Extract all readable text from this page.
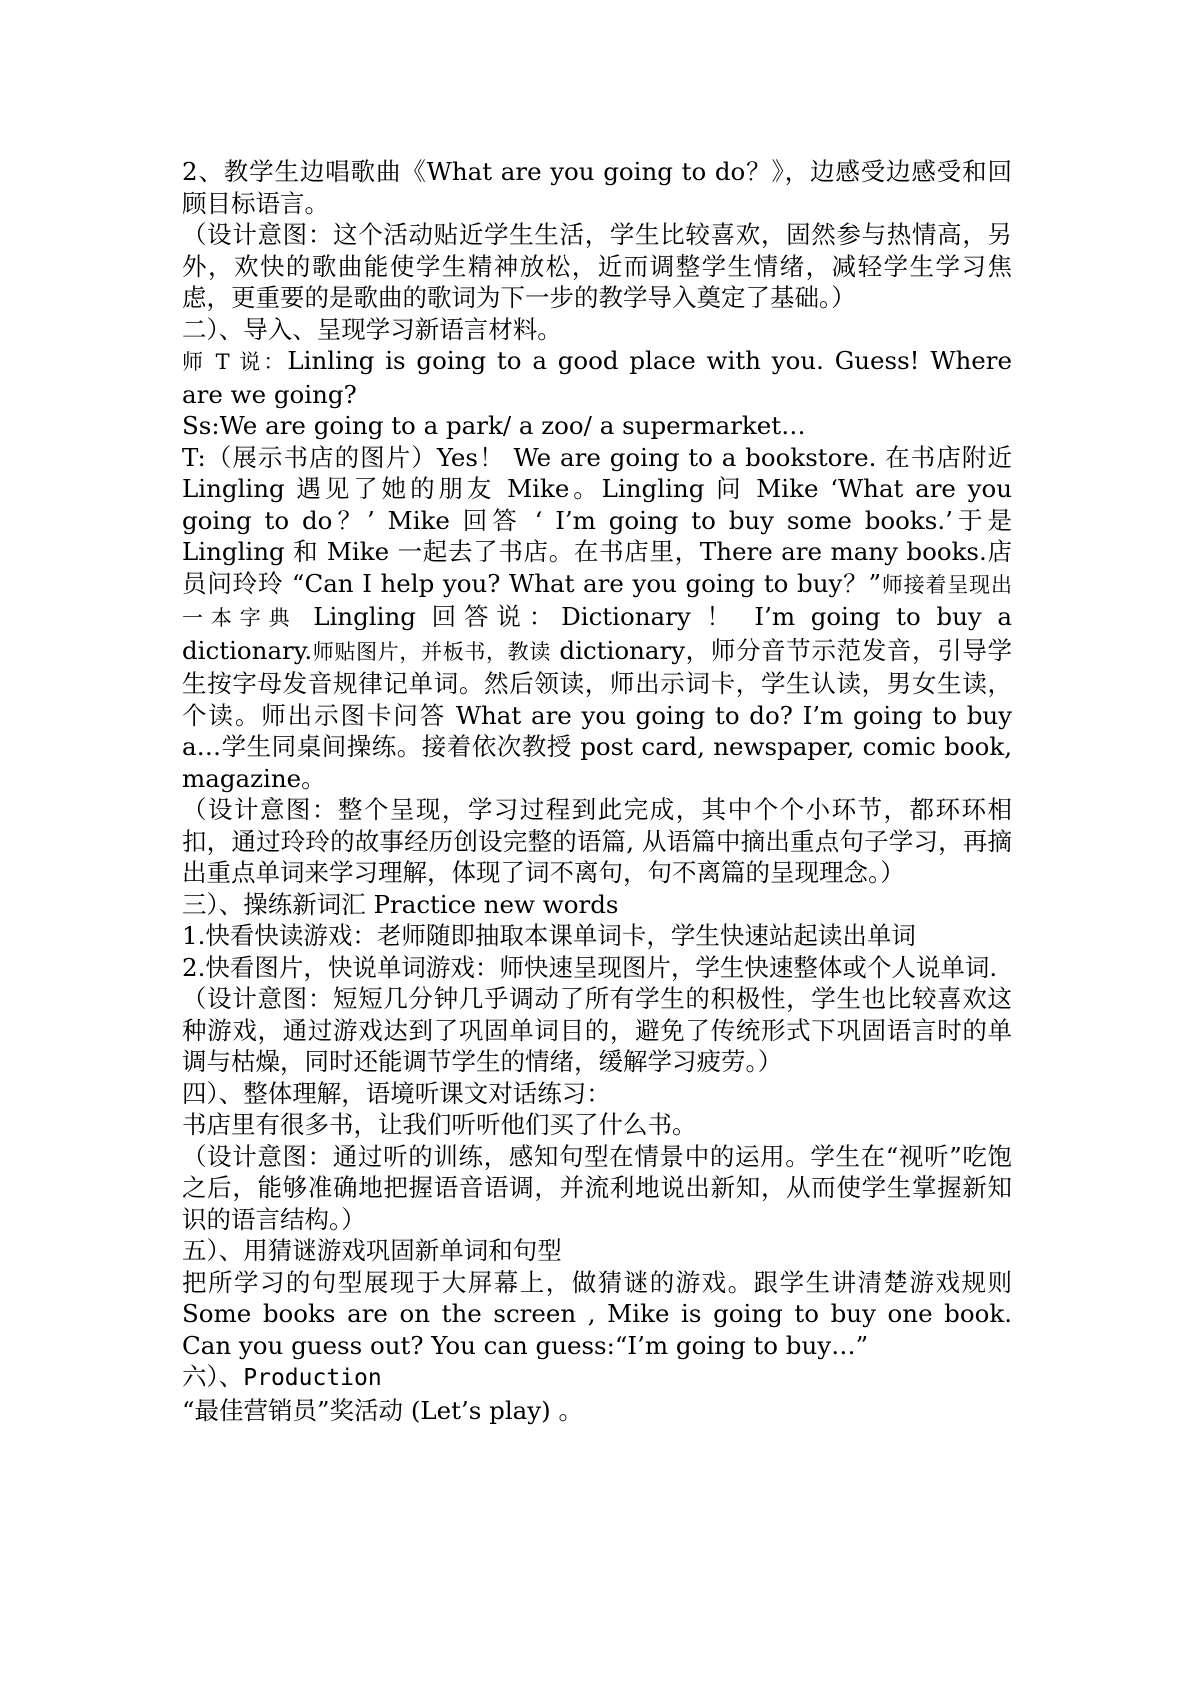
2、教学生边唱歌曲《What are you going to do？》，边感受边感受和回顾目标语言。

（设计意图：这个活动贴近学生生活，学生比较喜欢，固然参与热情高，另外，欢快的歌曲能使学生精神放松，近而调整学生情绪，减轻学生学习焦虑，更重要的是歌曲的歌词为下一步的教学导入奠定了基础。）

二）、导入、呈现学习新语言材料。

师 T 说：Linling is going to a good place with you. Guess! Where are we going?

Ss:We are going to a park/ a zoo/ a supermarket…

T:（展示书店的图片）Yes！ We are going to a bookstore. 在书店附近 Lingling 遇见了她的朋友 Mike。Lingling 问 Mike ‘What are you going to do？’ Mike 回答 ‘ I’m going to buy some books.’于是 Lingling 和 Mike 一起去了书店。在书店里，There are many books.店员问玲玲 “Can I help you? What are you going to buy？”师接着呈现出一本字典 Lingling 回答说：Dictionary ！ I’m going to buy a dictionary.师贴图片，并板书，教读 dictionary，师分音节示范发音，引导学生按字母发音规律记单词。然后领读，师出示词卡，学生认读，男女生读，个读。师出示图卡问答 What are you going to do? I’m going to buy a…学生同桌间操练。接着依次教授 post card, newspaper, comic book, magazine。

（设计意图：整个呈现，学习过程到此完成，其中个个小环节，都环环相扣，通过玲玲的故事经历创设完整的语篇, 从语篇中摘出重点句子学习，再摘出重点单词来学习理解，体现了词不离句，句不离篇的呈现理念。）

三）、操练新词汇 Practice new words

1.快看快读游戏：老师随即抽取本课单词卡，学生快速站起读出单词

2.快看图片，快说单词游戏：师快速呈现图片，学生快速整体或个人说单词.

（设计意图：短短几分钟几乎调动了所有学生的积极性，学生也比较喜欢这种游戏，通过游戏达到了巩固单词目的，避免了传统形式下巩固语言时的单调与枯燥，同时还能调节学生的情绪，缓解学习疲劳。）

四）、整体理解，语境听课文对话练习：

书店里有很多书，让我们听听他们买了什么书。

（设计意图：通过听的训练，感知句型在情景中的运用。学生在“视听”吃饱之后，能够准确地把握语音语调，并流利地说出新知，从而使学生掌握新知识的语言结构。）

五）、用猜谜游戏巩固新单词和句型

把所学习的句型展现于大屏幕上，做猜谜的游戏。跟学生讲清楚游戏规则 Some books are on the screen , Mike is going to buy one book. Can you guess out? You can guess:“I’m going to buy…”

六）、Production

“最佳营销员”奖活动 (Let’s play) 。
